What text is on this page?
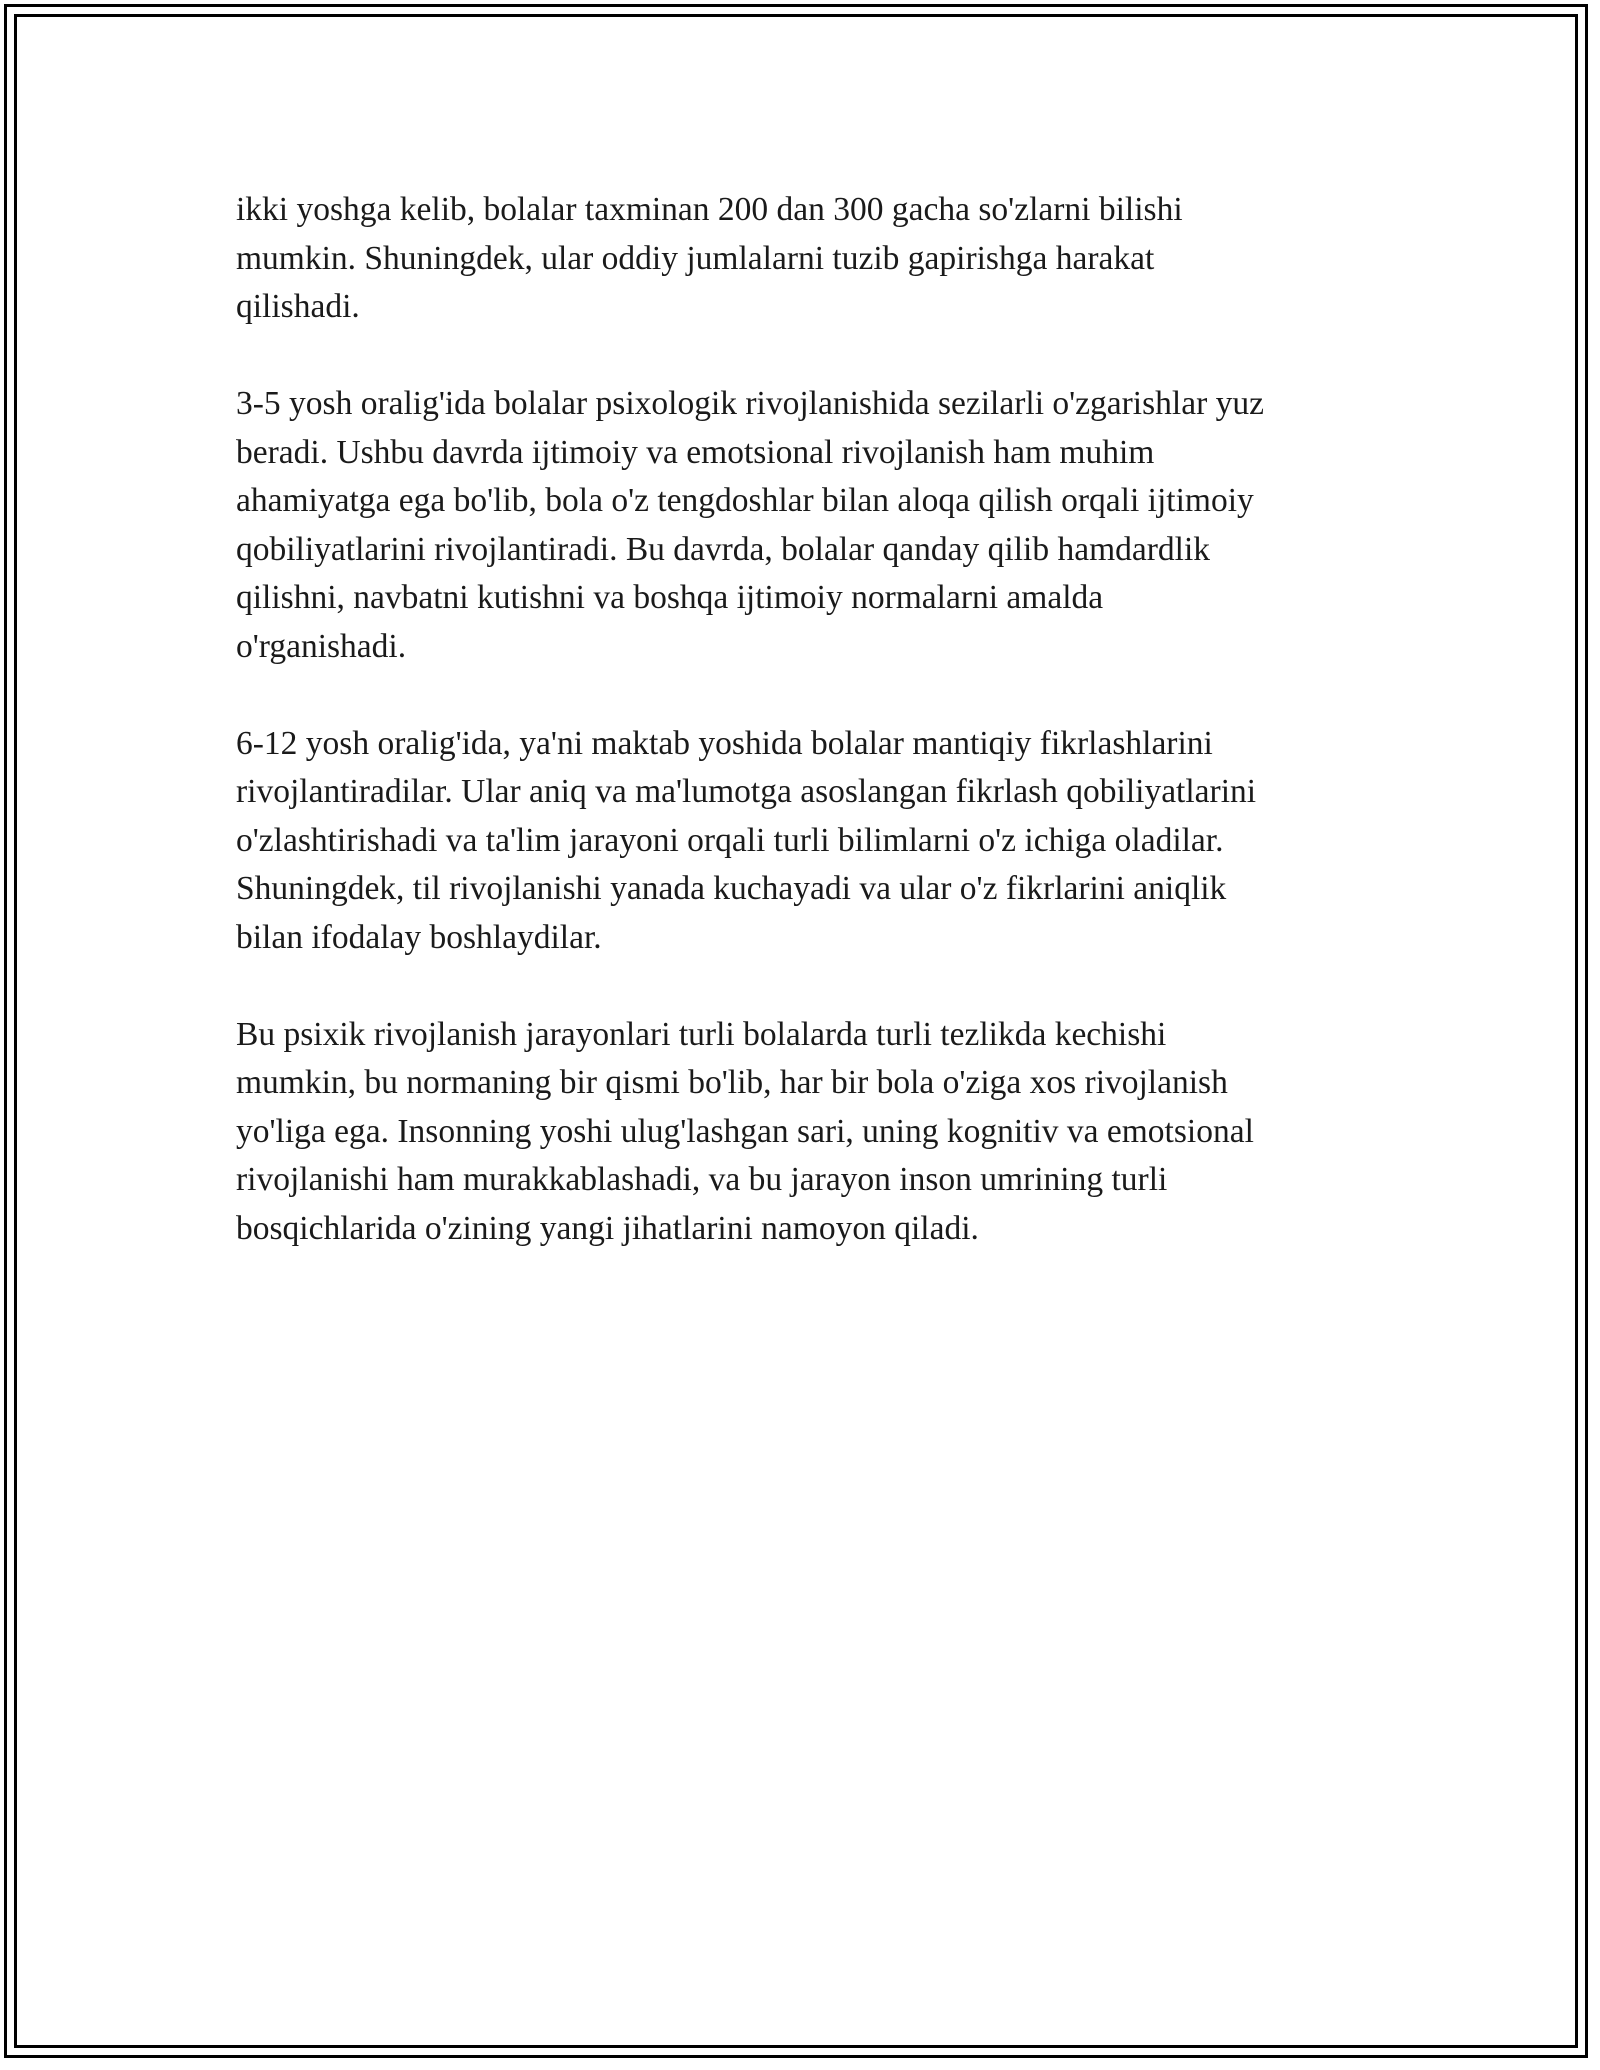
ikki yoshga kelib, bolalar taxminan 200 dan 300 gacha so'zlarni bilishi
mumkin. Shuningdek, ular oddiy jumlalarni tuzib gapirishga harakat
qilishadi.

3-5 yosh oralig'ida bolalar psixologik rivojlanishida sezilarli o'zgarishlar yuz
beradi. Ushbu davrda ijtimoiy va emotsional rivojlanish ham muhim
ahamiyatga ega bo'lib, bola o'z tengdoshlar bilan aloqa qilish orqali ijtimoiy
qobiliyatlarini rivojlantiradi. Bu davrda, bolalar qanday qilib hamdardlik
qilishni, navbatni kutishni va boshqa ijtimoiy normalarni amalda
o'rganishadi.

6-12 yosh oralig'ida, ya'ni maktab yoshida bolalar mantiqiy fikrlashlarini
rivojlantiradilar. Ular aniq va ma'lumotga asoslangan fikrlash qobiliyatlarini
o'zlashtirishadi va ta'lim jarayoni orqali turli bilimlarni o'z ichiga oladilar.
Shuningdek, til rivojlanishi yanada kuchayadi va ular o'z fikrlarini aniqlik
bilan ifodalay boshlaydilar.

Bu psixik rivojlanish jarayonlari turli bolalarda turli tezlikda kechishi
mumkin, bu normaning bir qismi bo'lib, har bir bola o'ziga xos rivojlanish
yo'liga ega. Insonning yoshi ulug'lashgan sari, uning kognitiv va emotsional
rivojlanishi ham murakkablashadi, va bu jarayon inson umrining turli
bosqichlarida o'zining yangi jihatlarini namoyon qiladi.
